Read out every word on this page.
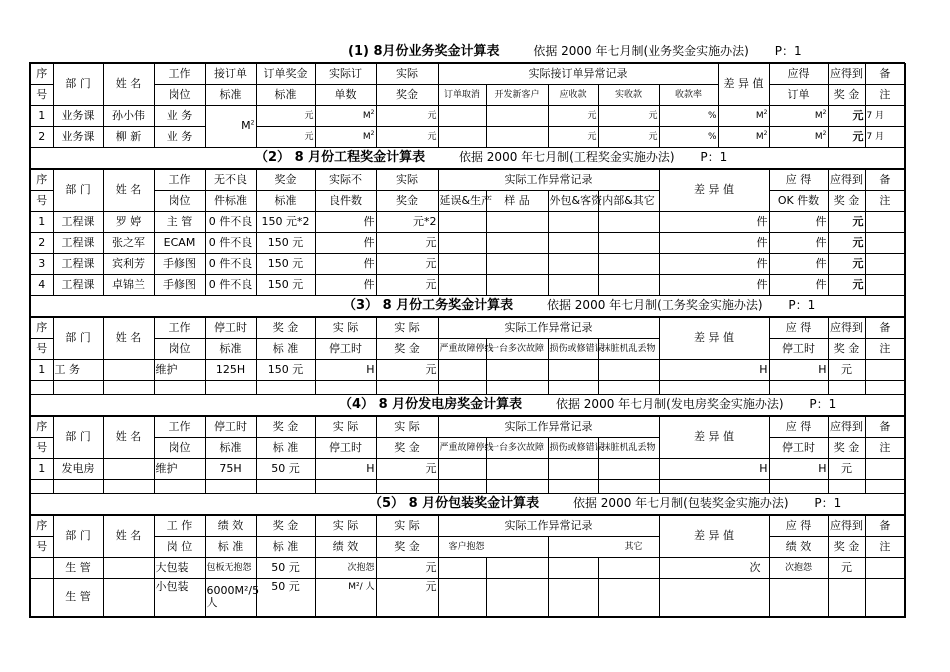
(1) 8月份业务奖金计算表 依据 2000 年七月制(业务奖金实施办法) P：1																	
序	部 门	姓 名	工作	接订单	订单奖金	实际订	实际	实际接订单异常记录					差 异 值	应得	应得到	备	
号			岗位	标准	标准	单数	奖金	订单取消	开发新客户	应收款	实收款	收款率		订单	奖 金	注	
1	业务课	孙小伟	业 务	$M^2$	元	$M^2$	元			元	元	%	$M^2$	$M^2$	元	7 月	
2	业务课	柳 新	业 务		元	$M^2$	元			元	元	%	$M^2$	$M^2$	元	7 月	
（2） 8 月份工程奖金计算表 依据 2000 年七月制(工程奖金实施办法) P：1																	
序	部 门	姓 名	工作	无不良	奖金	实际不	实际	实际工作异常记录				差 异 值		应 得	应得到	备	
号			岗位	件标准	标准	良件数	奖金	延误&生产	样 品	外包&客资	内部&其它			OK 件数	奖 金	注	
1	工程课	罗 婷	主 管	0 件不良	150 元*2	件	元*2					件		件	元		
2	工程课	张之军	ECAM	0 件不良	150 元	件	元					件		件	元		
3	工程课	宾利芳	手修图	0 件不良	150 元	件	元					件		件	元		
4	工程课	卓锦兰	手修图	0 件不良	150 元	件	元					件		件	元		
（3） 8 月份工务奖金计算表 依据 2000 年七月制(工务奖金实施办法) P：1																	
序	部 门	姓 名	工作	停工时	奖 金	实 际	实 际	实际工作异常记录				差 异 值		应 得	应得到	备	
号			岗位	标准	标 准	停工时	奖 金	严重故障停线	一台多次故障	损伤或修错误	抹脏机乱丢物			停工时	奖 金	注	
1	工 务		维护	125H	150 元	H	元					H		H	元		

（4） 8 月份发电房奖金计算表 依据 2000 年七月制(发电房奖金实施办法) P：1																	
序	部 门	姓 名	工作	停工时	奖 金	实 际	实 际	实际工作异常记录				差 异 值		应 得	应得到	备	
号			岗位	标准	标 准	停工时	奖 金	严重故障停线	一台多次故障	损伤或修错误	抹脏机乱丢物			停工时	奖 金	注	
1	发电房		维护	75H	50 元	H	元					H		H	元		

（5） 8 月份包装奖金计算表 依据 2000 年七月制(包装奖金实施办法) P：1																	
序	部 门	姓 名	工 作	绩 效	奖 金	实 际	实 际	实际工作异常记录				差 异 值		应 得	应得到	备	
号			岗 位	标 准	标 准	绩 效	奖 金	客户抱怨		其它				绩 效	奖 金	注	
	生 管		大包装	包板无抱怨	50 元	次抱怨	元					次		次抱怨	元		
	生 管		小包装	6000M²/5 人	50 元	M²/ 人	元										
